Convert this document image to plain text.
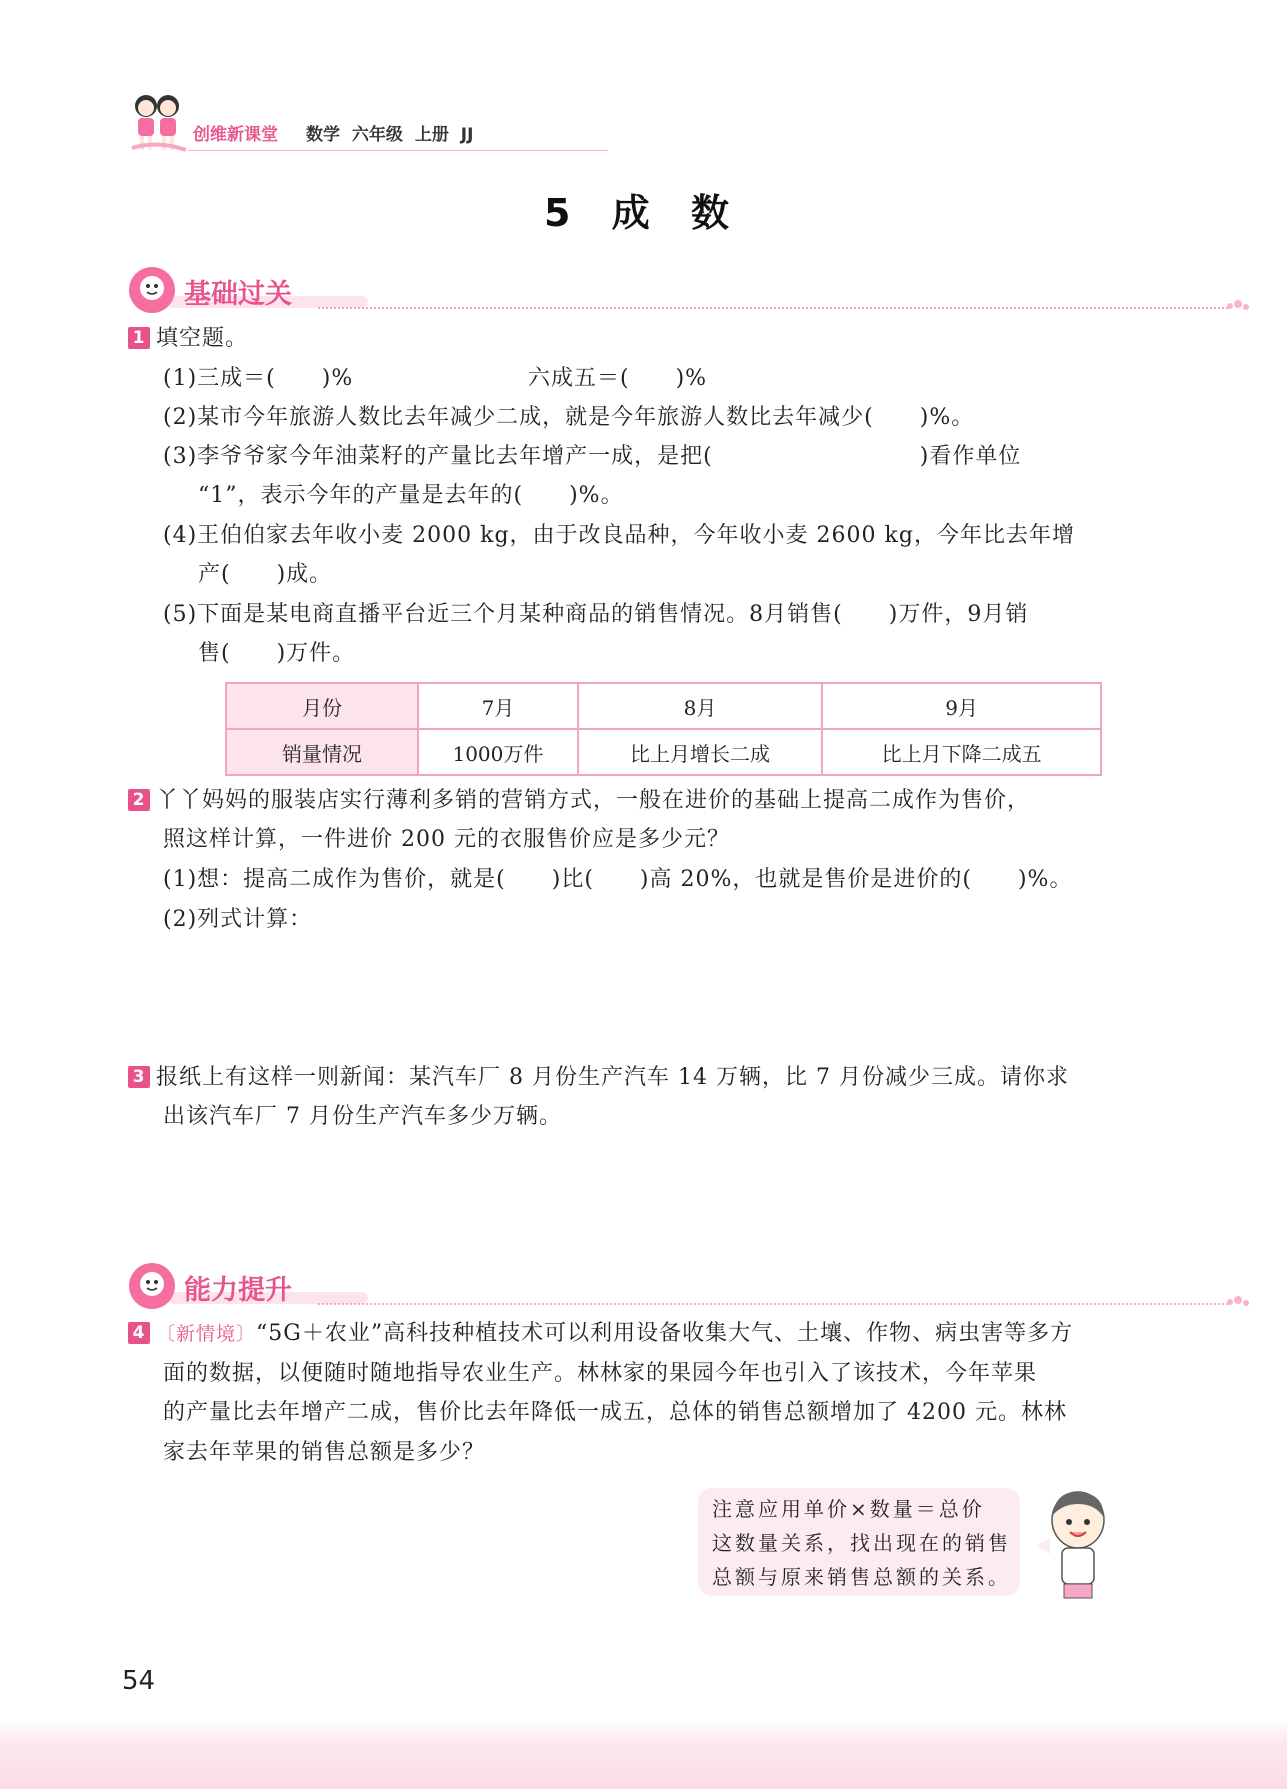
创维新课堂 数学 六年级 上册 JJ
5 成 数
基础过关
1 填空题。
(1)三成＝(　　)%	六成五＝(　　)%
(2)某市今年旅游人数比去年减少二成，就是今年旅游人数比去年减少(　　)%。
(3)李爷爷家今年油菜籽的产量比去年增产一成，是把(　　　　　　　　　)看作单位
“1”，表示今年的产量是去年的(　　)%。
(4)王伯伯家去年收小麦 2000 kg，由于改良品种，今年收小麦 2600 kg，今年比去年增
产(　　)成。
(5)下面是某电商直播平台近三个月某种商品的销售情况。8月销售(　　)万件，9月销
售(　　)万件。
月份	7月	8月	9月
销量情况	1000万件	比上月增长二成	比上月下降二成五
2 丫丫妈妈的服装店实行薄利多销的营销方式，一般在进价的基础上提高二成作为售价，
照这样计算，一件进价 200 元的衣服售价应是多少元？
(1)想：提高二成作为售价，就是(　　)比(　　)高 20%，也就是售价是进价的(　　)%。
(2)列式计算：
3 报纸上有这样一则新闻：某汽车厂 8 月份生产汽车 14 万辆，比 7 月份减少三成。请你求
出该汽车厂 7 月份生产汽车多少万辆。
能力提升
4 〔新情境〕“5G＋农业”高科技种植技术可以利用设备收集大气、土壤、作物、病虫害等多方
面的数据，以便随时随地指导农业生产。林林家的果园今年也引入了该技术，今年苹果
的产量比去年增产二成，售价比去年降低一成五，总体的销售总额增加了 4200 元。林林
家去年苹果的销售总额是多少？
注意应用单价×数量＝总价
这数量关系，找出现在的销售
总额与原来销售总额的关系。
54
